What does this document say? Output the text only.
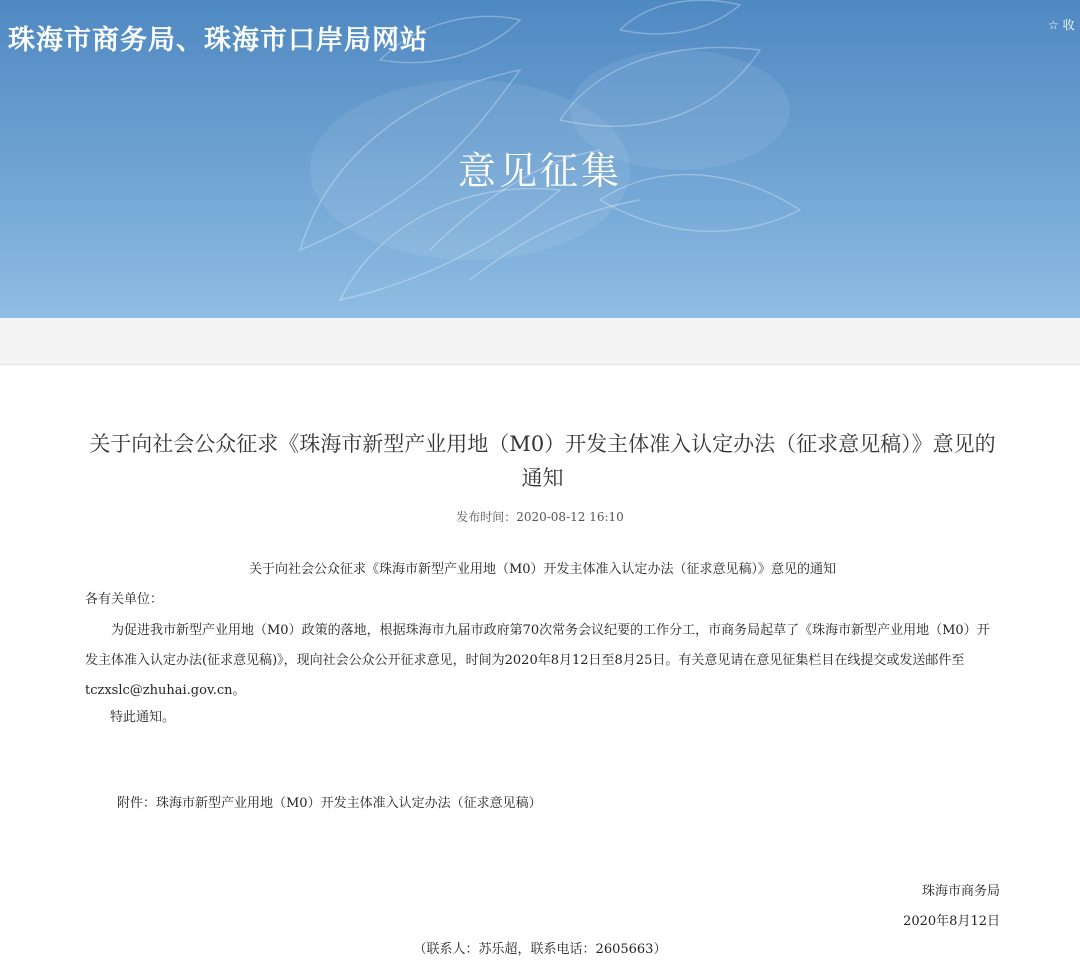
珠海市商务局、珠海市口岸局网站	☆ 收
意见征集
关于向社会公众征求《珠海市新型产业用地（M0）开发主体准入认定办法（征求意见稿）》意见的通知
发布时间：2020-08-12 16:10
关于向社会公众征求《珠海市新型产业用地（M0）开发主体准入认定办法（征求意见稿）》意见的通知
各有关单位：
为促进我市新型产业用地（M0）政策的落地，根据珠海市九届市政府第70次常务会议纪要的工作分工，市商务局起草了《珠海市新型产业用地（M0）开发主体准入认定办法(征求意见稿)》，现向社会公众公开征求意见，时间为2020年8月12日至8月25日。有关意见请在意见征集栏目在线提交或发送邮件至tczxslc@zhuhai.gov.cn。
特此通知。
附件：珠海市新型产业用地（M0）开发主体准入认定办法（征求意见稿）
珠海市商务局
2020年8月12日
（联系人：苏乐超，联系电话：2605663）
